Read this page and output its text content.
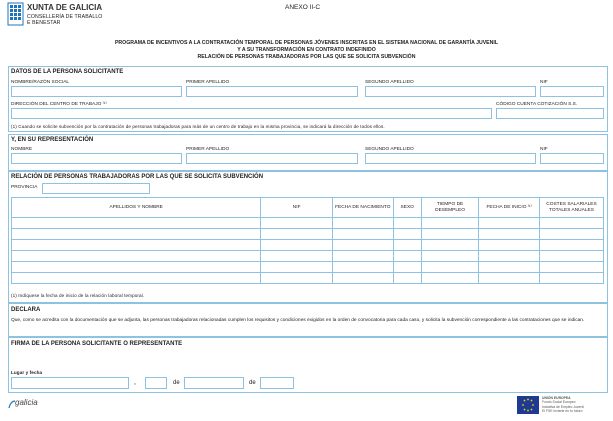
XUNTA DE GALICIA
CONSELLERÍA DE TRABALLO
E BENESTAR
ANEXO II-C
PROGRAMA DE INCENTIVOS A LA CONTRATACIÓN TEMPORAL DE PERSONAS JÓVENES INSCRITAS EN EL SISTEMA NACIONAL DE GARANTÍA JUVENIL
Y A SU TRANSFORMACIÓN EN CONTRATO INDEFINIDO
RELACIÓN DE PERSONAS TRABAJADORAS POR LAS QUE SE SOLICITA SUBVENCIÓN
DATOS DE LA PERSONA SOLICITANTE
NOMBRE/RAZÓN SOCIAL	PRIMER APELLIDO	SEGUNDO APELLIDO	NIF
DIRECCIÓN DEL CENTRO DE TRABAJO ⁽¹⁾	CÓDIGO CUENTA COTIZACIÓN S.S.
(1) Cuando se solicite subvención por la contratación de personas trabajadoras para más de un centro de trabajo en la misma provincia, se indicará la dirección de todos ellos.
Y, EN SU REPRESENTACIÓN
NOMBRE	PRIMER APELLIDO	SEGUNDO APELLIDO	NIF
RELACIÓN DE PERSONAS TRABAJADORAS POR LAS QUE SE SOLICITA SUBVENCIÓN
PROVINCIA
APELLIDOS Y NOMBRE	NIF	FECHA DE NACIMIENTO	SEXO	TIEMPO DE DESEMPLEO	FECHA DE INICIO ⁽¹⁾	COSTES SALARIALES TOTALES ANUALES

(1) Indíquese la fecha de inicio de la relación laboral temporal.
DECLARA
Que, como se acredita con la documentación que se adjunta, las personas trabajadoras relacionadas cumplen los requisitos y condiciones exigidos en la orden de convocatoria para cada caso, y solicita la subvención correspondiente a las contrataciones que se indican.
FIRMA DE LA PERSONA SOLICITANTE O REPRESENTANTE
Lugar y fecha
,	de	de
galicia	UNIÓN EUROPEA
Fondo Social Europeo
Iniciativa de Empleo Juvenil
El FSE invierte en tu futuro
